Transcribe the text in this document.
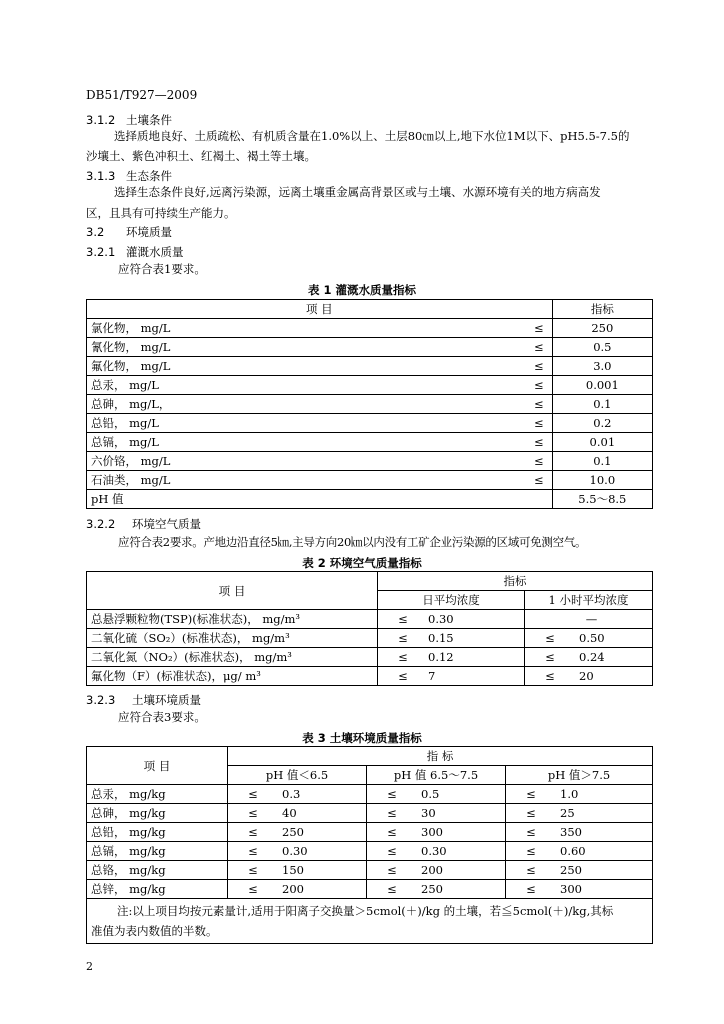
DB51/T927—2009
3.1.2 土壤条件
选择质地良好、土质疏松、有机质含量在1.0%以上、土层80㎝以上,地下水位1M以下、pH5.5-7.5的
沙壤土、紫色冲积土、红褐土、褐土等土壤。
3.1.3 生态条件
选择生态条件良好,远离污染源，远离土壤重金属高背景区或与土壤、水源环境有关的地方病高发
区，且具有可持续生产能力。
3.2 环境质量
3.2.1 灌溉水质量
应符合表1要求。
表 1 灌溉水质量指标
项 目		指标
氯化物， mg/L	≤	250
氰化物， mg/L	≤	0.5
氟化物， mg/L	≤	3.0
总汞， mg/L	≤	0.001
总砷， mg/L，	≤	0.1
总铅， mg/L	≤	0.2
总镉， mg/L	≤	0.01
六价铬， mg/L	≤	0.1
石油类， mg/L	≤	10.0
pH 值		5.5～8.5
3.2.2 环境空气质量
应符合表2要求。产地边沿直径5㎞,主导方向20㎞以内没有工矿企业污染源的区域可免测空气。
表 2 环境空气质量指标
项 目	指标	
	日平均浓度	1 小时平均浓度
总悬浮颗粒物(TSP)(标准状态)， mg/m³	≤ 0.30	—
二氧化硫（SO₂）(标准状态)， mg/m³	≤ 0.15	≤ 0.50
二氧化氮（NO₂）(标准状态)， mg/m³	≤ 0.12	≤ 0.24
氟化物（F）(标准状态)，μg/ m³	≤ 7	≤ 20
3.2.3 土壤环境质量
应符合表3要求。
表 3 土壤环境质量指标
项 目	指 标		
	pH 值＜6.5	pH 值 6.5～7.5	pH 值＞7.5
总汞， mg/kg	≤ 0.3	≤ 0.5	≤ 1.0
总砷， mg/kg	≤ 40	≤ 30	≤ 25
总铅， mg/kg	≤ 250	≤ 300	≤ 350
总镉， mg/kg	≤ 0.30	≤ 0.30	≤ 0.60
总铬， mg/kg	≤ 150	≤ 200	≤ 250
总锌， mg/kg	≤ 200	≤ 250	≤ 300

注:以上项目均按元素量计,适用于阳离子交换量＞5cmol(＋)/kg 的土壤，若≦5cmol(＋)/kg,其标
准值为表内数值的半数。			
2
